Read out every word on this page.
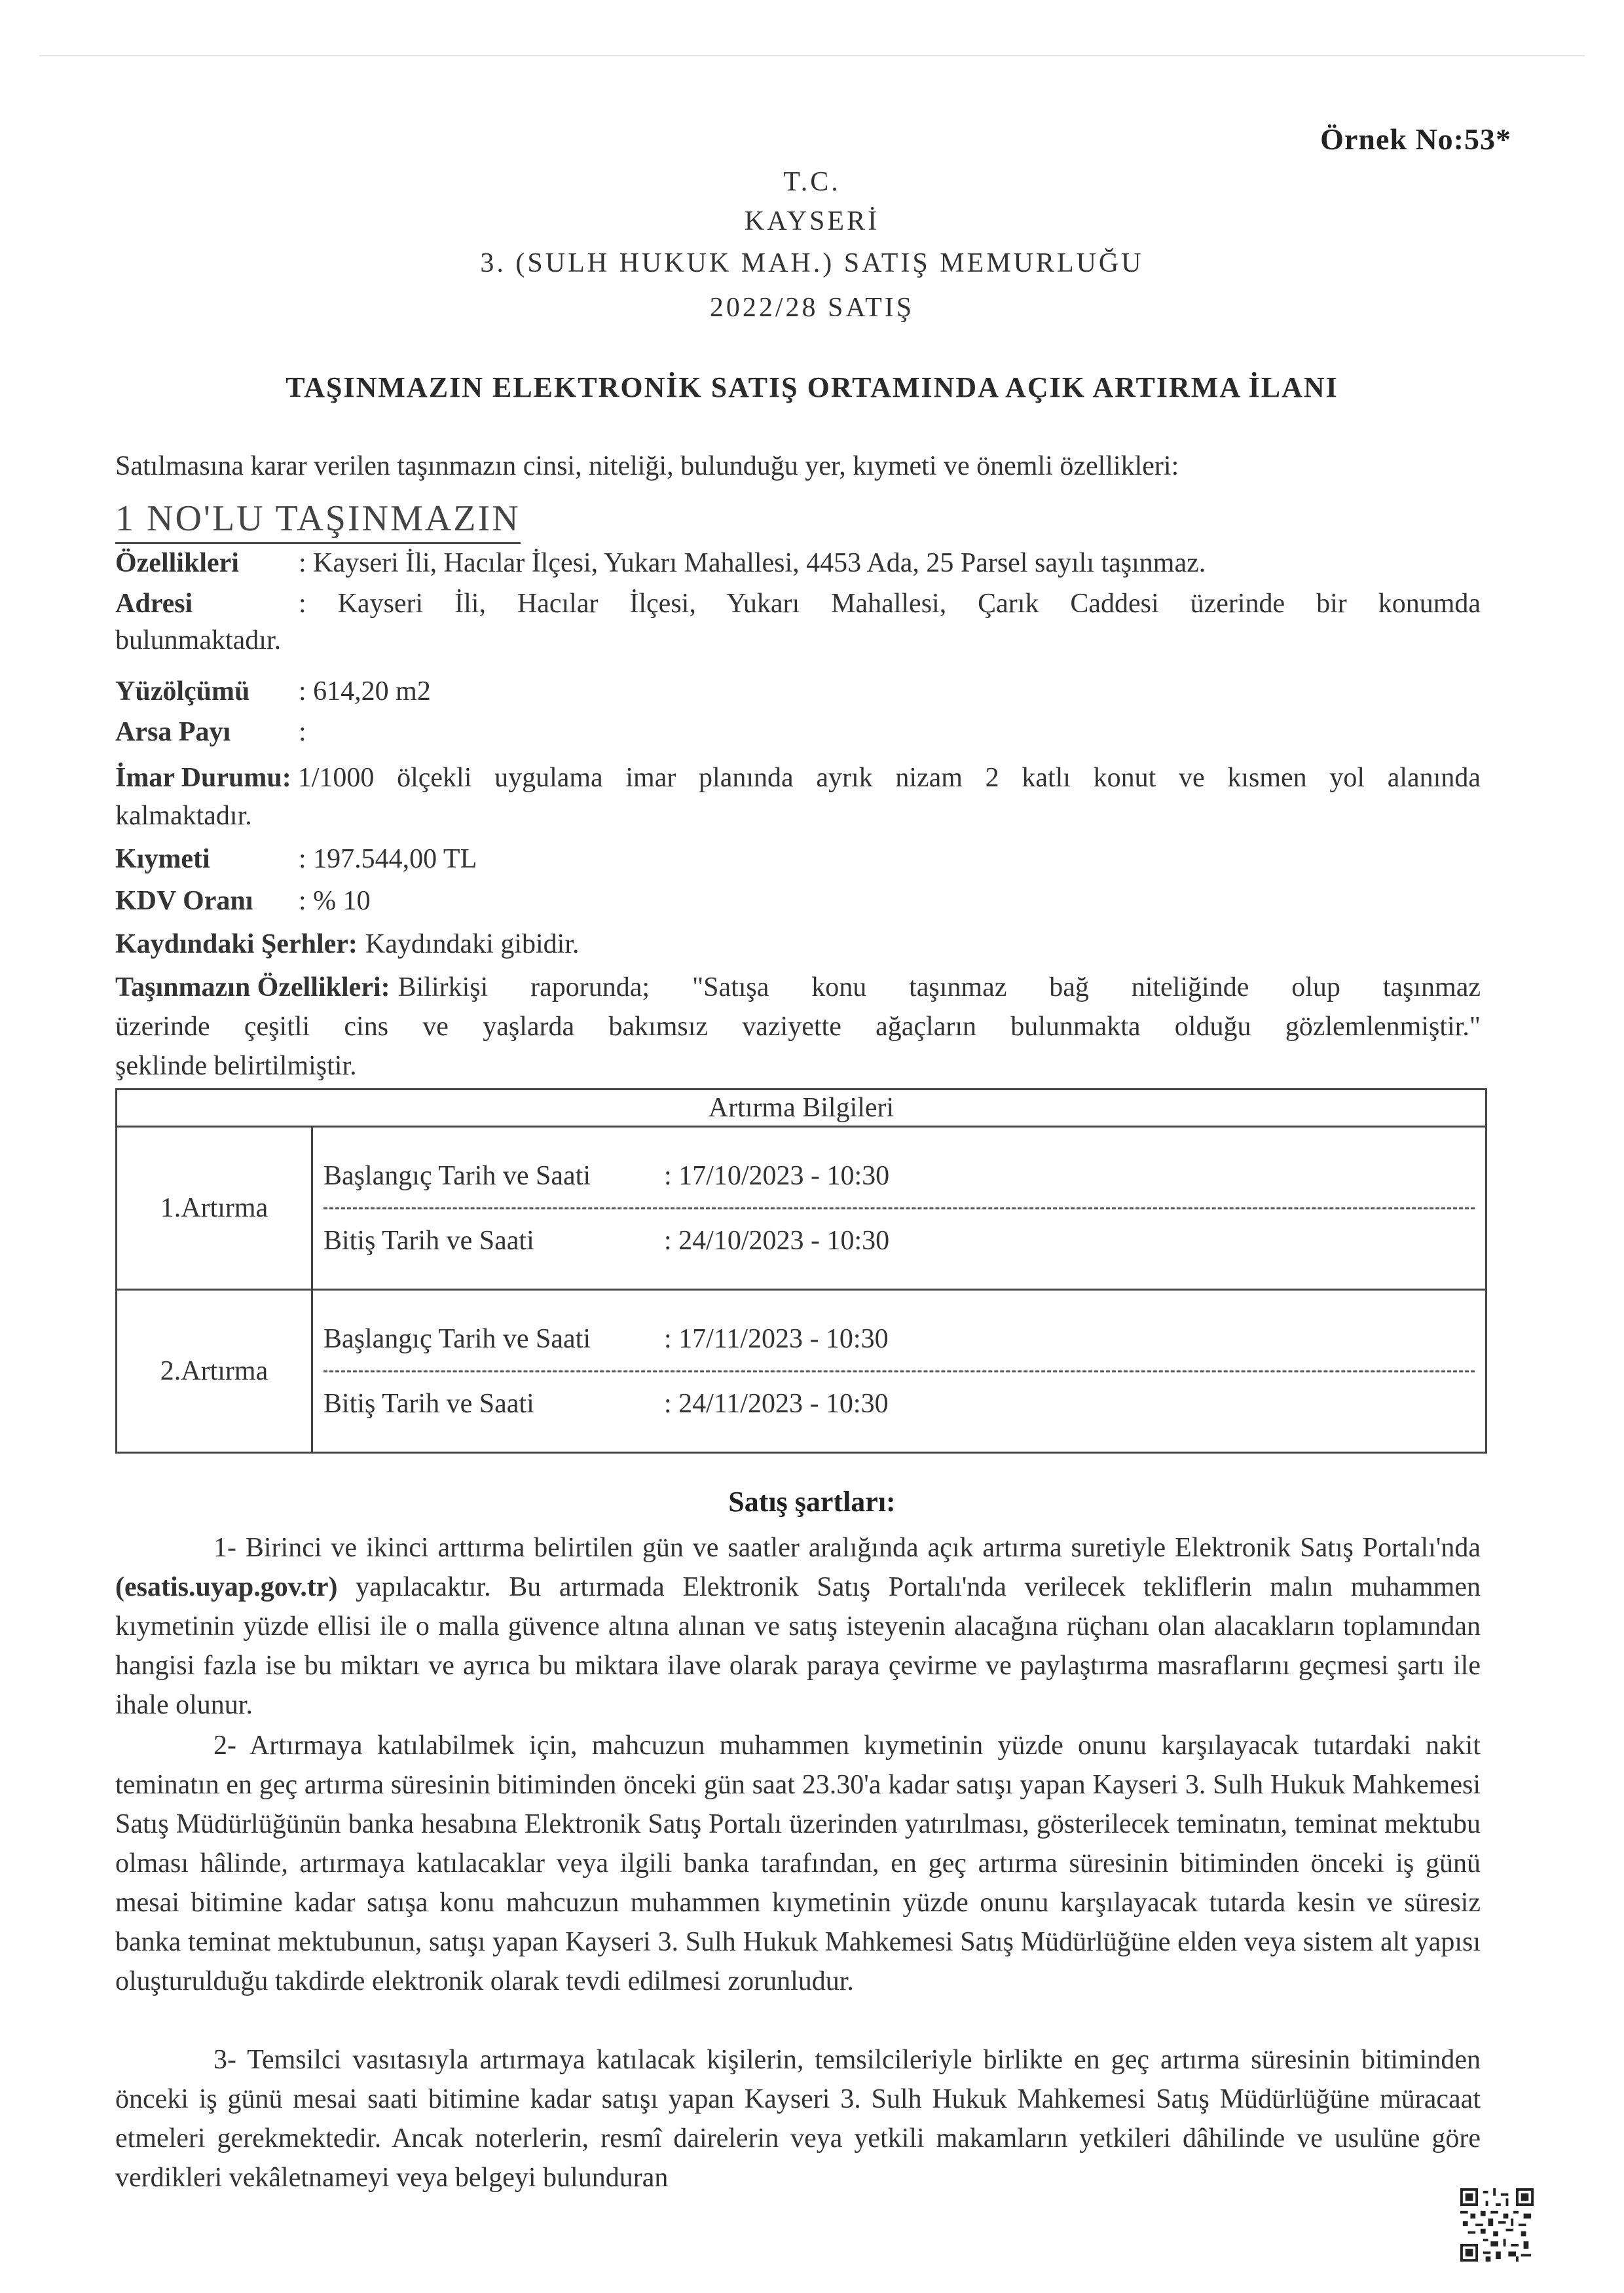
Örnek No:53*
T.C.
KAYSERİ
3. (SULH HUKUK MAH.) SATIŞ MEMURLUĞU
2022/28 SATIŞ
TAŞINMAZIN ELEKTRONİK SATIŞ ORTAMINDA AÇIK ARTIRMA İLANI
Satılmasına karar verilen taşınmazın cinsi, niteliği, bulunduğu yer, kıymeti ve önemli özellikleri:
1 NO'LU TAŞINMAZIN
Özellikleri : Kayseri İli, Hacılar İlçesi, Yukarı Mahallesi, 4453 Ada, 25 Parsel sayılı taşınmaz.
Adresi	: Kayseri İli, Hacılar İlçesi, Yukarı Mahallesi, Çarık Caddesi üzerinde bir konumda
bulunmaktadır.
Yüzölçümü : 614,20 m2
Arsa Payı :
İmar Durumu: 1/1000 ölçekli uygulama imar planında ayrık nizam 2 katlı konut ve kısmen yol alanında
kalmaktadır.
Kıymeti	: 197.544,00 TL
KDV Oranı : % 10
Kaydındaki Şerhler: Kaydındaki gibidir.
Taşınmazın Özellikleri: Bilirkişi raporunda; "Satışa konu taşınmaz bağ niteliğinde olup taşınmaz
üzerinde çeşitli cins ve yaşlarda bakımsız vaziyette ağaçların bulunmakta olduğu gözlemlenmiştir."
şeklinde belirtilmiştir.
Artırma Bilgileri	
1.Artırma	Başlangıç Tarih ve Saati : 17/10/2023 - 10:30
Bitiş Tarih ve Saati : 24/10/2023 - 10:30

2.Artırma	Başlangıç Tarih ve Saati : 17/11/2023 - 10:30
Bitiş Tarih ve Saati : 24/11/2023 - 10:30
Satış şartları:
1- Birinci ve ikinci arttırma belirtilen gün ve saatler aralığında açık artırma suretiyle Elektronik Satış Portalı'nda (esatis.uyap.gov.tr) yapılacaktır. Bu artırmada Elektronik Satış Portalı'nda verilecek tekliflerin malın muhammen kıymetinin yüzde ellisi ile o malla güvence altına alınan ve satış isteyenin alacağına rüçhanı olan alacakların toplamından hangisi fazla ise bu miktarı ve ayrıca bu miktara ilave olarak paraya çevirme ve paylaştırma masraflarını geçmesi şartı ile ihale olunur.
2- Artırmaya katılabilmek için, mahcuzun muhammen kıymetinin yüzde onunu karşılayacak tutardaki nakit teminatın en geç artırma süresinin bitiminden önceki gün saat 23.30'a kadar satışı yapan Kayseri 3. Sulh Hukuk Mahkemesi Satış Müdürlüğünün banka hesabına Elektronik Satış Portalı üzerinden yatırılması, gösterilecek teminatın, teminat mektubu olması hâlinde, artırmaya katılacaklar veya ilgili banka tarafından, en geç artırma süresinin bitiminden önceki iş günü mesai bitimine kadar satışa konu mahcuzun muhammen kıymetinin yüzde onunu karşılayacak tutarda kesin ve süresiz banka teminat mektubunun, satışı yapan Kayseri 3. Sulh Hukuk Mahkemesi Satış Müdürlüğüne elden veya sistem alt yapısı oluşturulduğu takdirde elektronik olarak tevdi edilmesi zorunludur.
3- Temsilci vasıtasıyla artırmaya katılacak kişilerin, temsilcileriyle birlikte en geç artırma süresinin bitiminden önceki iş günü mesai saati bitimine kadar satışı yapan Kayseri 3. Sulh Hukuk Mahkemesi Satış Müdürlüğüne müracaat etmeleri gerekmektedir. Ancak noterlerin, resmî dairelerin veya yetkili makamların yetkileri dâhilinde ve usulüne göre verdikleri vekâletnameyi veya belgeyi bulunduran
